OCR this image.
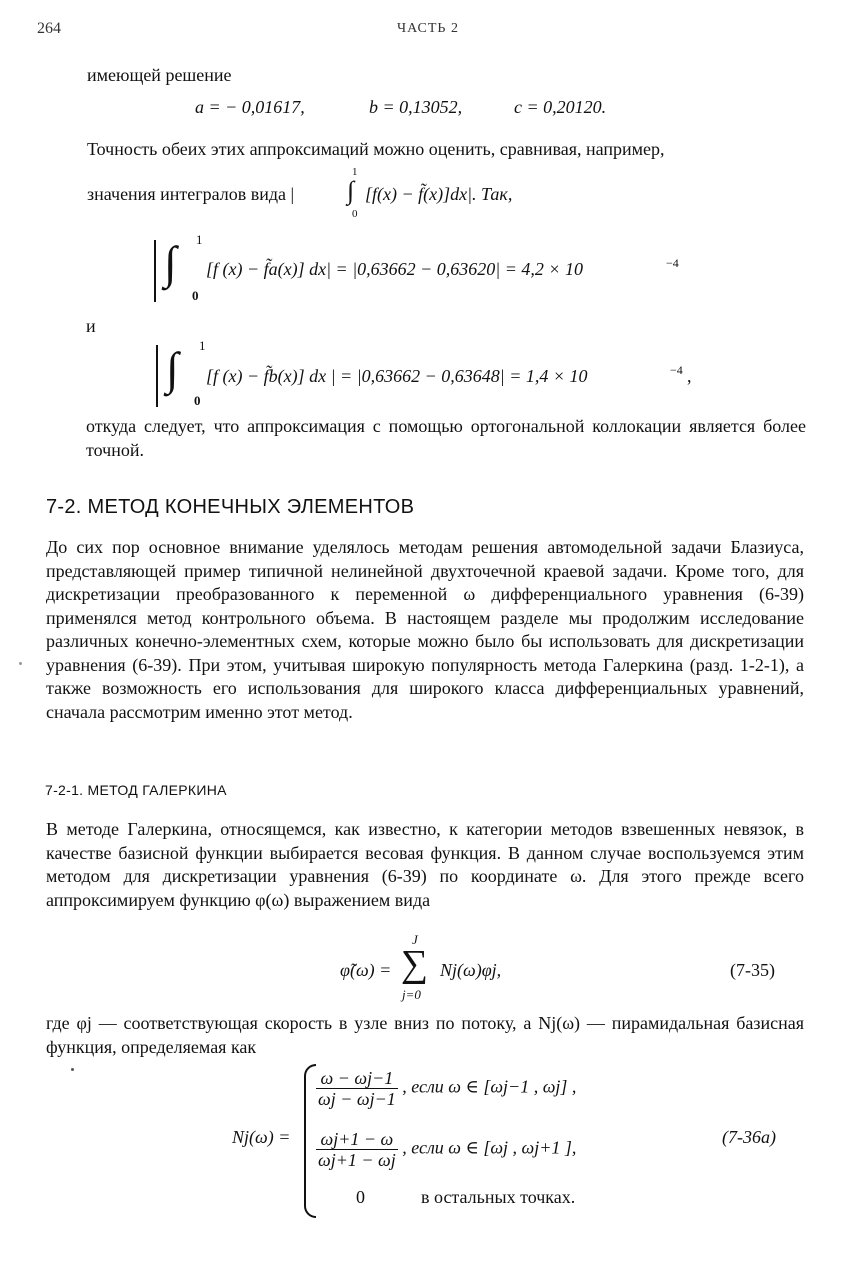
264	ЧАСТЬ 2
имеющей решение
a = − 0,01617,	b = 0,13052,	c = 0,20120.
Точность обеих этих аппроксимаций можно оценить, сравнивая, например,
значения интегралов вида |
1
∫
0
[f(x) − f̃(x)]dx|. Так,
∫ 1
0
[f (x) − f̃a(x)] dx| = |0,63662 − 0,63620| = 4,2 × 10	−4
и
∫ 1
0
[f (x) − f̃b(x)] dx | = |0,63662 − 0,63648| = 1,4 × 10	−4 ,
откуда следует, что аппроксимация с помощью ортогональной коллокации является более точной.
7-2. МЕТОД КОНЕЧНЫХ ЭЛЕМЕНТОВ
До сих пор основное внимание уделялось методам решения автомодельной задачи Блазиуса, представляющей пример типичной нелинейной двухточечной краевой задачи. Кроме того, для дискретизации преобразованного к переменной ω дифференциального уравнения (6-39) применялся метод контрольного объема. В настоящем разделе мы продолжим исследование различных конечно-элементных схем, которые можно было бы использовать для дискретизации уравнения (6-39). При этом, учитывая широкую популярность метода Галеркина (разд. 1-2-1), а также возможность его использования для широкого класса дифференциальных уравнений, сначала рассмотрим именно этот метод.
7-2-1. МЕТОД ГАЛЕРКИНА
В методе Галеркина, относящемся, как известно, к категории методов взвешенных невязок, в качестве базисной функции выбирается весовая функция. В данном случае воспользуемся этим методом для дискретизации уравнения (6-39) по координате ω. Для этого прежде всего аппроксимируем функцию φ(ω) выражением вида
φ̃(ω) =
J
∑
j=0
Nj(ω)φj,	(7-35)
где φj — соответствующая скорость в узле вниз по потоку, а Nj(ω) — пирамидальная базисная функция, определяемая как
Nj(ω) =
$\frac{\omega - \omega j-1}{\omega j - \omega j-1}$ , если ω ∈ [ωj−1 , ωj] ,
$\frac{\omega j+1 - \omega}{\omega j+1 - \omega j}$ , если ω ∈ [ωj , ωj+1 ],
0	в остальных точках.
(7-36a)
